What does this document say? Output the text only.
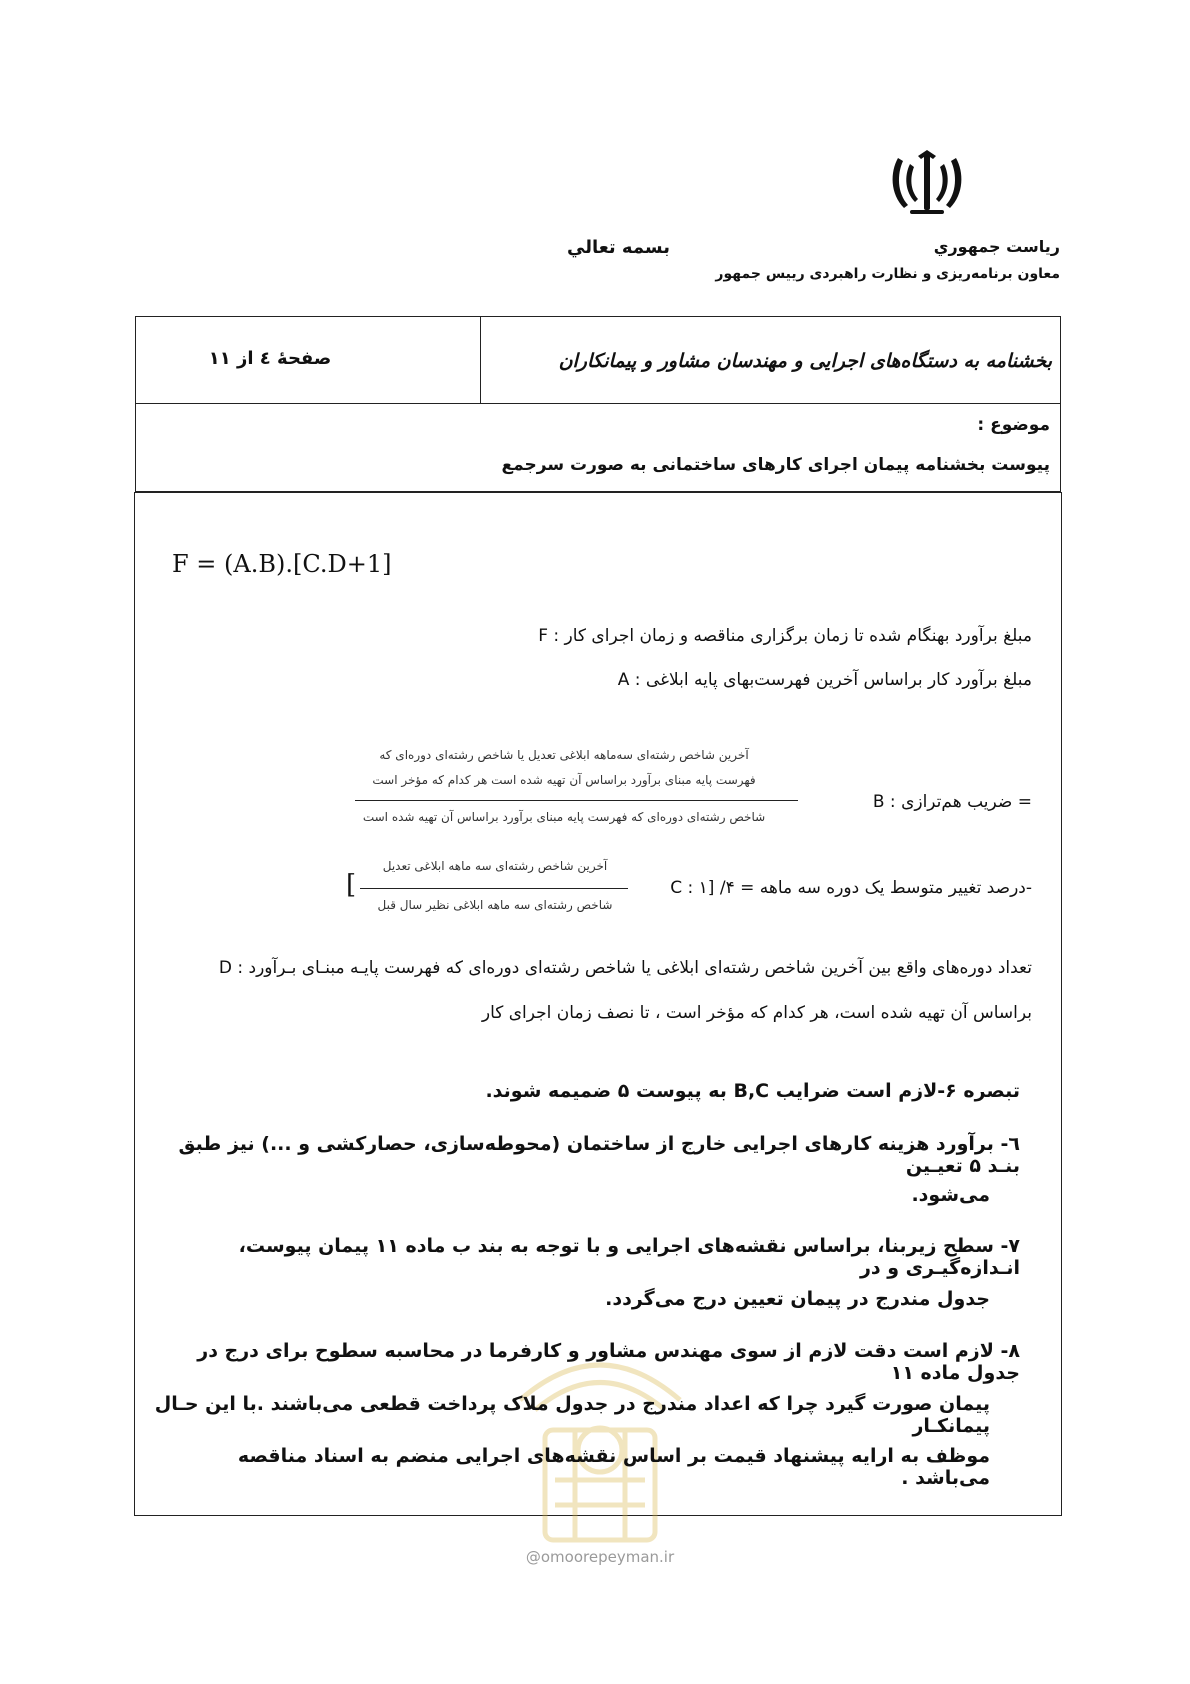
رياست جمهوري
بسمه تعالي
معاون برنامه‌ریزی و نظارت راهبردی رییس جمهور
بخشنامه به دستگاه‌های اجرایی و مهندسان مشاور و پیمانکاران
صفحهٔ ٤ از ١١
موضوع :
پیوست بخشنامه پیمان اجرای کارهای ساختمانی به صورت سرجمع
@omoorepeyman.ir
F = (A.B).[C.D+1]
F : مبلغ برآورد بهنگام شده تا زمان برگزاری مناقصه و زمان اجرای کار
A : مبلغ برآورد کار براساس آخرین فهرست‌بهای پایه ابلاغی
B : ضریب هم‌ترازی =
آخرین شاخص رشته‌ای سه‌ماهه ابلاغی تعدیل یا شاخص رشته‌ای دوره‌ای که
فهرست پایه مبنای برآورد براساس آن تهیه شده است هر کدام که مؤخر است
شاخص رشته‌ای دوره‌ای که فهرست پایه مبنای برآورد براساس آن تهیه شده است
C : درصد تغییر متوسط یک دوره سه ماهه = ۴/ [۱-
آخرین شاخص رشته‌ای سه ماهه ابلاغی تعدیل
شاخص رشته‌ای سه ماهه ابلاغی نظیر سال قبل
[
D : تعداد دوره‌های واقع بین آخرین شاخص رشته‌ای ابلاغی یا شاخص رشته‌ای دوره‌ای که فهرست پایـه مبنـای بـرآورد
براساس آن تهیه شده است، هر کدام که مؤخر است ، تا نصف زمان اجرای کار
تبصره ۶-لازم است ضرایب B,C به پیوست ۵ ضمیمه شوند.
٦- برآورد هزینه کارهای اجرایی خارج از ساختمان (محوطه‌سازی، حصارکشی و ...) نیز طبق بنـد ۵ تعیـین
می‌شود.
۷- سطح زیربنا، براساس نقشه‌های اجرایی و با توجه به بند ب ماده ۱۱ پیمان پیوست، انـدازه‌گیـری و در
جدول مندرج در پیمان تعیین درج می‌گردد.
۸- لازم است دقت لازم از سوی مهندس مشاور و کارفرما در محاسبه سطوح برای درج در جدول ماده ۱۱
پیمان صورت گیرد چرا که اعداد مندرج در جدول ملاک پرداخت قطعی می‌باشند .با این حـال پیمانکـار
موظف به ارایه پیشنهاد قیمت بر اساس نقشه‌های اجرایی منضم به اسناد مناقصه می‌باشد .
